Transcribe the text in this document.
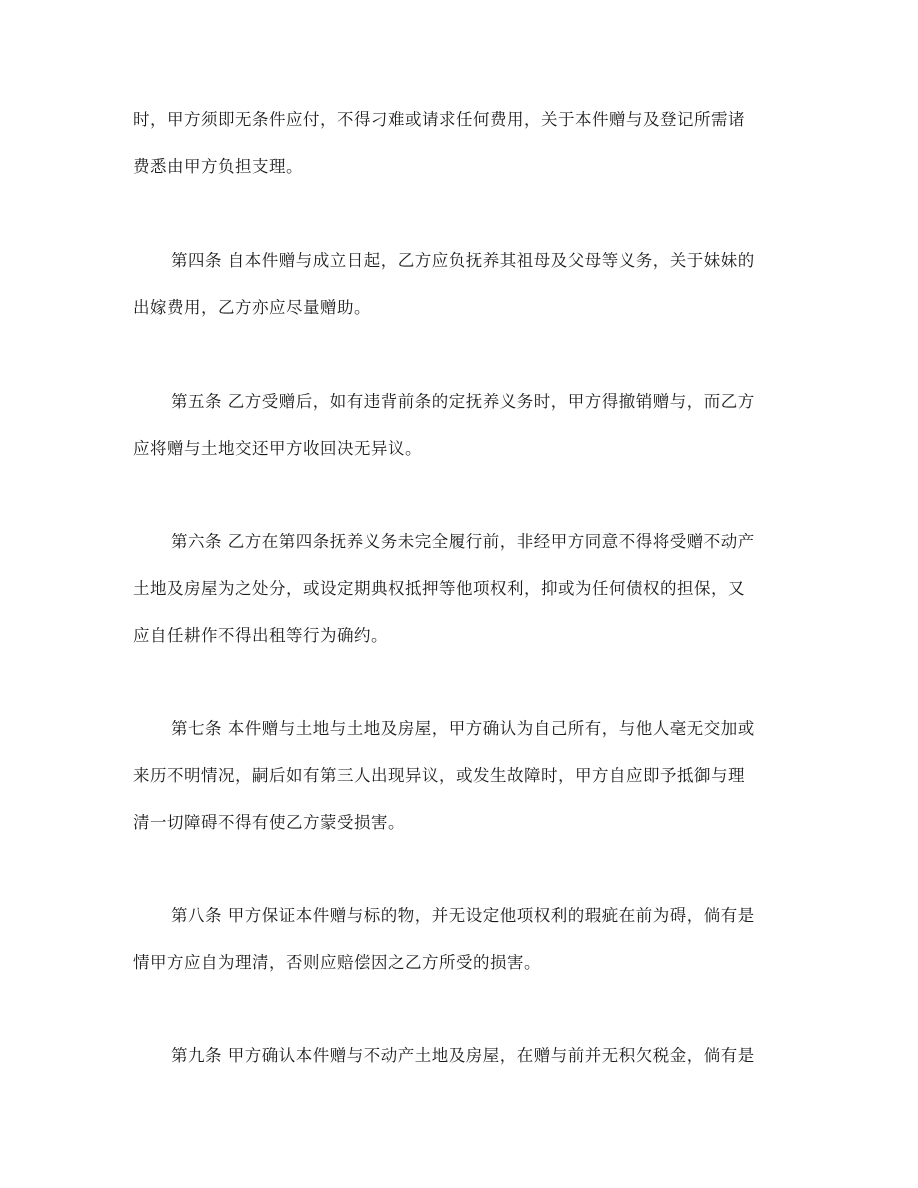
时，甲方须即无条件应付，不得刁难或请求任何费用，关于本件赠与及登记所需诸
费悉由甲方负担支理。

第四条 自本件赠与成立日起，乙方应负抚养其祖母及父母等义务，关于妹妹的
出嫁费用，乙方亦应尽量赠助。

第五条 乙方受赠后，如有违背前条的定抚养义务时，甲方得撤销赠与，而乙方
应将赠与土地交还甲方收回决无异议。

第六条 乙方在第四条抚养义务未完全履行前，非经甲方同意不得将受赠不动产
土地及房屋为之处分，或设定期典权抵押等他项权利，抑或为任何债权的担保，又
应自任耕作不得出租等行为确约。

第七条 本件赠与土地与土地及房屋，甲方确认为自己所有，与他人毫无交加或
来历不明情况，嗣后如有第三人出现异议，或发生故障时，甲方自应即予抵御与理
清一切障碍不得有使乙方蒙受损害。

第八条 甲方保证本件赠与标的物，并无设定他项权利的瑕疵在前为碍，倘有是
情甲方应自为理清，否则应赔偿因之乙方所受的损害。

第九条 甲方确认本件赠与不动产土地及房屋，在赠与前并无积欠税金，倘有是
